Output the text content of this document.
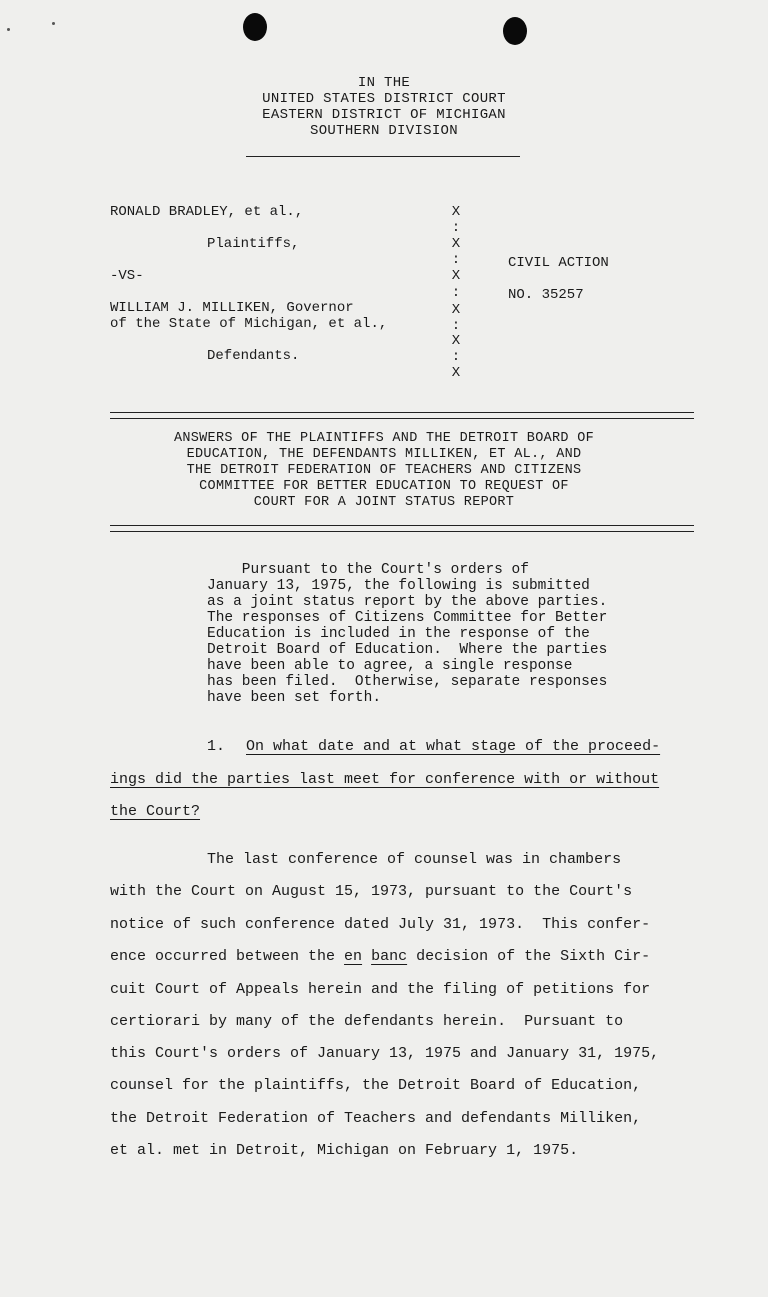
IN THE
UNITED STATES DISTRICT COURT
EASTERN DISTRICT OF MICHIGAN
SOUTHERN DIVISION
RONALD BRADLEY, et al.,
Plaintiffs,
-VS-
WILLIAM J. MILLIKEN, Governor
of the State of Michigan, et al.,
Defendants.
X
:
X
:
X
:
X
:
X
:
X
CIVIL ACTION
NO. 35257
ANSWERS OF THE PLAINTIFFS AND THE DETROIT BOARD OF
EDUCATION, THE DEFENDANTS MILLIKEN, ET AL., AND
THE DETROIT FEDERATION OF TEACHERS AND CITIZENS
COMMITTEE FOR BETTER EDUCATION TO REQUEST OF
COURT FOR A JOINT STATUS REPORT
Pursuant to the Court's orders of
January 13, 1975, the following is submitted
as a joint status report by the above parties.
The responses of Citizens Committee for Better
Education is included in the response of the
Detroit Board of Education.  Where the parties
have been able to agree, a single response
has been filed.  Otherwise, separate responses
have been set forth.
1. On what date and at what stage of the proceed-
ings did the parties last meet for conference with or without
the Court?
The last conference of counsel was in chambers
with the Court on August 15, 1973, pursuant to the Court's
notice of such conference dated July 31, 1973.  This confer-
ence occurred between the en banc decision of the Sixth Cir-
cuit Court of Appeals herein and the filing of petitions for
certiorari by many of the defendants herein.  Pursuant to
this Court's orders of January 13, 1975 and January 31, 1975,
counsel for the plaintiffs, the Detroit Board of Education,
the Detroit Federation of Teachers and defendants Milliken,
et al. met in Detroit, Michigan on February 1, 1975.
